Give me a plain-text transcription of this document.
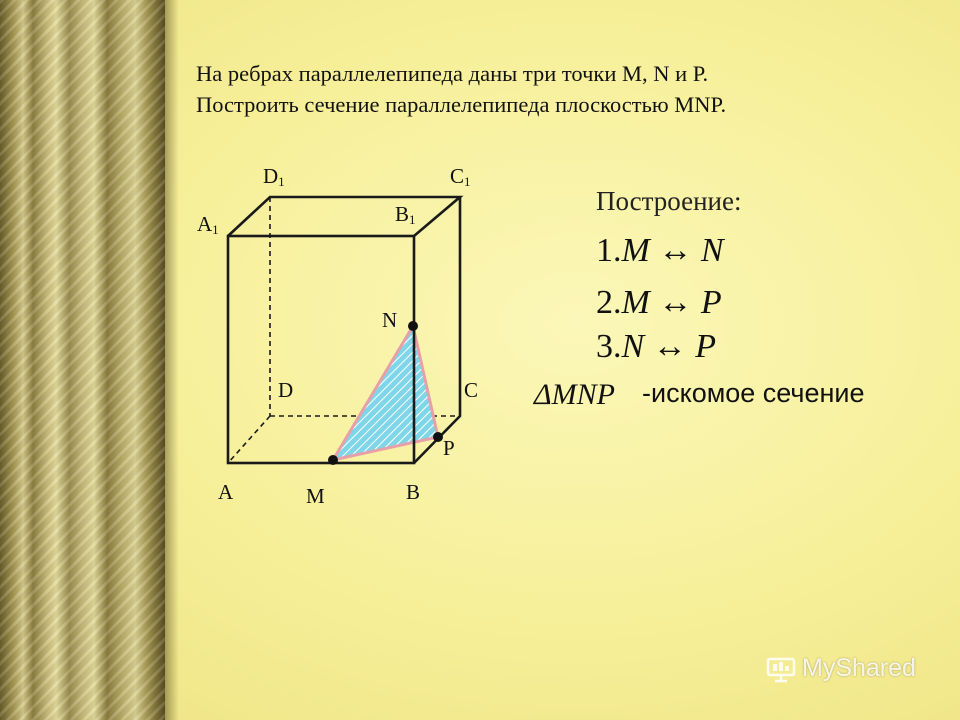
На ребрах параллелепипеда даны три точки М, N и Р.
Построить сечение параллелепипеда плоскостью MNP.
$D_1$	$C_1$
$A_1$
$B_1$
D	C
A	B
N
M
P
Построение:
1.M ↔ N
2.M ↔ P
3.N ↔ P
ΔMNP -искомое сечение
MyShared
